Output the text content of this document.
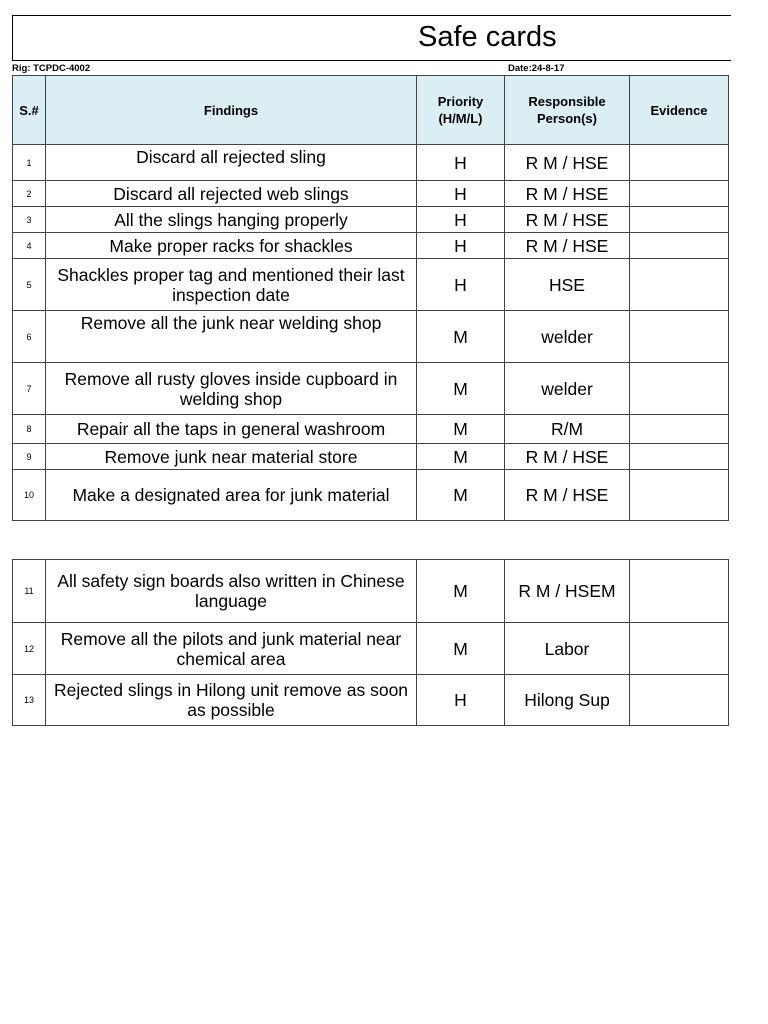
Safe cards
Rig: TCPDC-4002	Date:24-8-17
S.#	Findings	Priority (H/M/L)	Responsible Person(s)	Evidence
1	Discard all rejected sling	H	R M / HSE	
2	Discard all rejected web slings	H	R M / HSE	
3	All the slings hanging properly	H	R M / HSE	
4	Make proper racks for shackles	H	R M / HSE	
5	Shackles proper tag and mentioned their last inspection date	H	HSE	
6	Remove all the junk near welding shop	M	welder	
7	Remove all rusty gloves inside cupboard in welding shop	M	welder	
8	Repair all the taps in general washroom	M	R/M	
9	Remove junk near material store	M	R M / HSE	
10	Make a designated area for junk material	M	R M / HSE	
11	All safety sign boards also written in Chinese language	M	R M / HSEM	
12	Remove all the pilots and junk material near chemical area	M	Labor	
13	Rejected slings in Hilong unit remove as soon as possible	H	Hilong Sup	
